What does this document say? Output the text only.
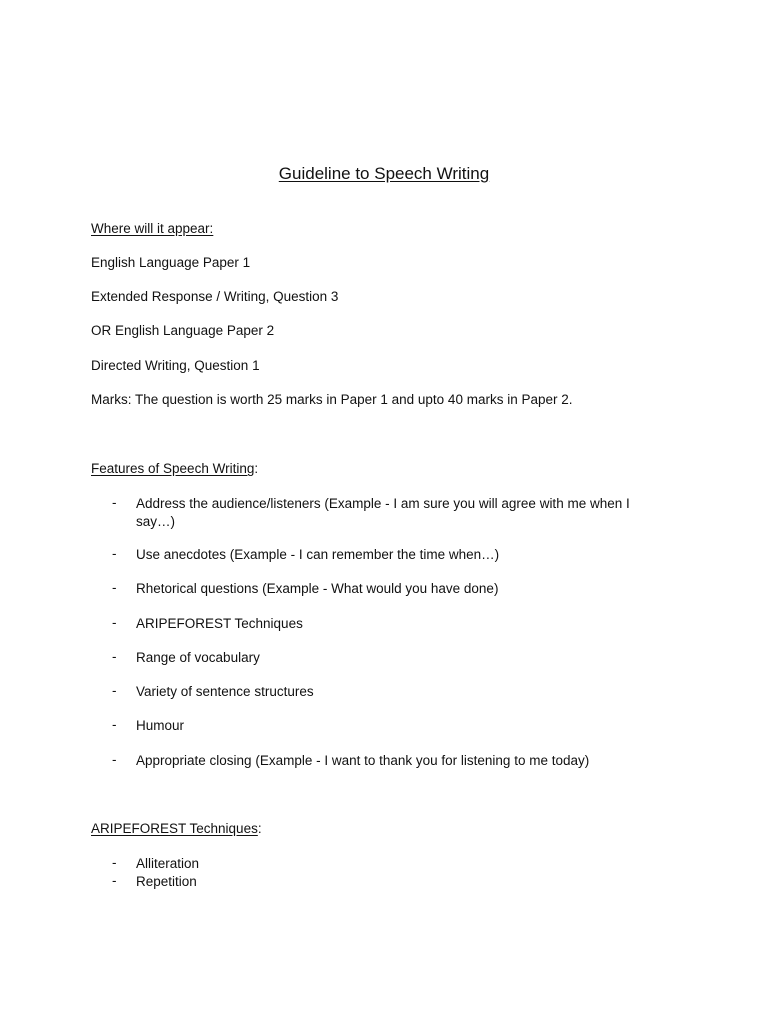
Guideline to Speech Writing
Where will it appear:
English Language Paper 1
Extended Response / Writing, Question 3
OR English Language Paper 2
Directed Writing, Question 1
Marks: The question is worth 25 marks in Paper 1 and upto 40 marks in Paper 2.
Features of Speech Writing:
- Address the audience/listeners (Example - I am sure you will agree with me when I say…)
- Use anecdotes (Example - I can remember the time when…)
- Rhetorical questions (Example - What would you have done)
- ARIPEFOREST Techniques
- Range of vocabulary
- Variety of sentence structures
- Humour
- Appropriate closing (Example - I want to thank you for listening to me today)
ARIPEFOREST Techniques:
- Alliteration
- Repetition
